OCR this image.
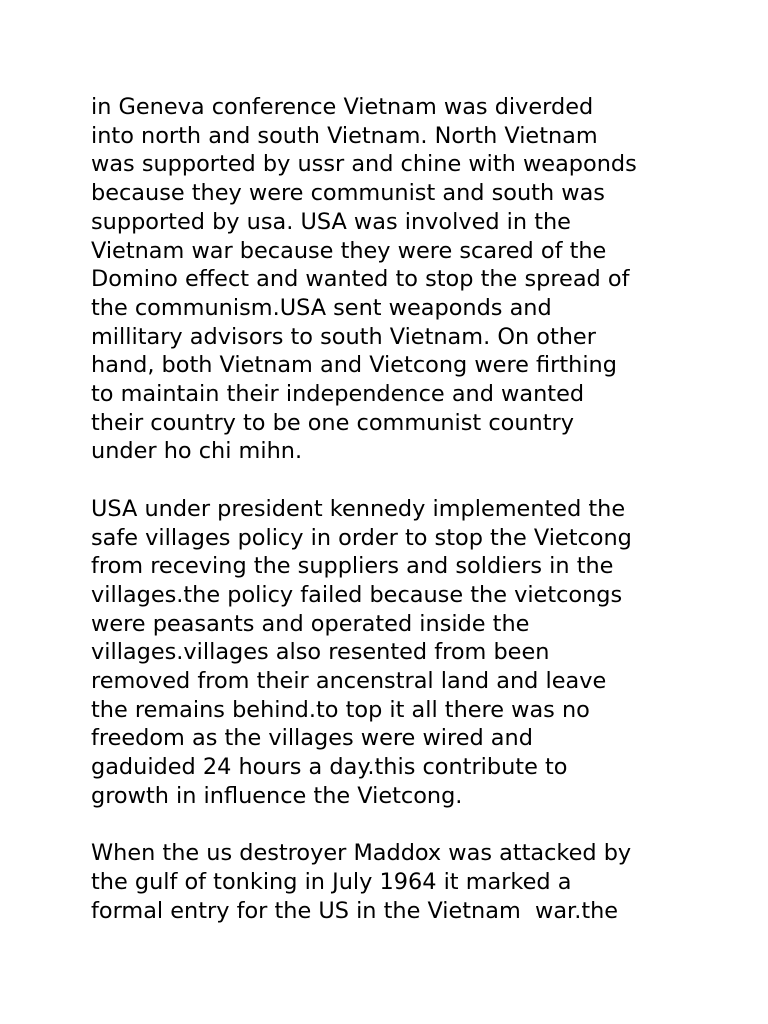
in Geneva conference Vietnam was diverded
into north and south Vietnam. North Vietnam
was supported by ussr and chine with weaponds
because they were communist and south was
supported by usa. USA was involved in the
Vietnam war because they were scared of the
Domino effect and wanted to stop the spread of
the communism.USA sent weaponds and
millitary advisors to south Vietnam. On other
hand, both Vietnam and Vietcong were firthing
to maintain their independence and wanted
their country to be one communist country
under ho chi mihn.

USA under president kennedy implemented the
safe villages policy in order to stop the Vietcong
from receving the suppliers and soldiers in the
villages.the policy failed because the vietcongs
were peasants and operated inside the
villages.villages also resented from been
removed from their ancenstral land and leave
the remains behind.to top it all there was no
freedom as the villages were wired and
gaduided 24 hours a day.this contribute to
growth in influence the Vietcong.

When the us destroyer Maddox was attacked by
the gulf of tonking in July 1964 it marked a
formal entry for the US in the Vietnam  war.the
